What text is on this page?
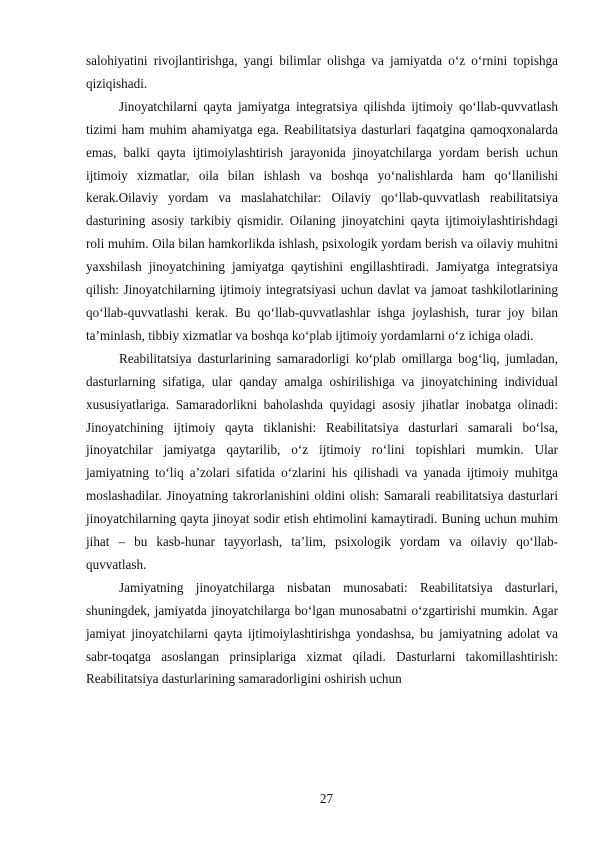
salohiyatini rivojlantirishga, yangi bilimlar olishga va jamiyatda o‘z o‘rnini topishga qiziqishadi.

Jinoyatchilarni qayta jamiyatga integratsiya qilishda ijtimoiy qo‘llab-quvvatlash tizimi ham muhim ahamiyatga ega. Reabilitatsiya dasturlari faqatgina qamoqxonalarda emas, balki qayta ijtimoiylashtirish jarayonida jinoyatchilarga yordam berish uchun ijtimoiy xizmatlar, oila bilan ishlash va boshqa yo‘nalishlarda ham qo‘llanilishi kerak.Oilaviy yordam va maslahatchilar: Oilaviy qo‘llab-quvvatlash reabilitatsiya dasturining asosiy tarkibiy qismidir. Oilaning jinoyatchini qayta ijtimoiylashtirishdagi roli muhim. Oila bilan hamkorlikda ishlash, psixologik yordam berish va oilaviy muhitni yaxshilash jinoyatchining jamiyatga qaytishini engillashtiradi. Jamiyatga integratsiya qilish: Jinoyatchilarning ijtimoiy integratsiyasi uchun davlat va jamoat tashkilotlarining qo‘llab-quvvatlashi kerak. Bu qo‘llab-quvvatlashlar ishga joylashish, turar joy bilan ta’minlash, tibbiy xizmatlar va boshqa ko‘plab ijtimoiy yordamlarni o‘z ichiga oladi.

Reabilitatsiya dasturlarining samaradorligi ko‘plab omillarga bog‘liq, jumladan, dasturlarning sifatiga, ular qanday amalga oshirilishiga va jinoyatchining individual xususiyatlariga. Samaradorlikni baholashda quyidagi asosiy jihatlar inobatga olinadi: Jinoyatchining ijtimoiy qayta tiklanishi: Reabilitatsiya dasturlari samarali bo‘lsa, jinoyatchilar jamiyatga qaytarilib, o‘z ijtimoiy ro‘lini topishlari mumkin. Ular jamiyatning to‘liq a’zolari sifatida o‘zlarini his qilishadi va yanada ijtimoiy muhitga moslashadilar. Jinoyatning takrorlanishini oldini olish: Samarali reabilitatsiya dasturlari jinoyatchilarning qayta jinoyat sodir etish ehtimolini kamaytiradi. Buning uchun muhim jihat – bu kasb-hunar tayyorlash, ta’lim, psixologik yordam va oilaviy qo‘llab-quvvatlash.

Jamiyatning jinoyatchilarga nisbatan munosabati: Reabilitatsiya dasturlari, shuningdek, jamiyatda jinoyatchilarga bo‘lgan munosabatni o‘zgartirishi mumkin. Agar jamiyat jinoyatchilarni qayta ijtimoiylashtirishga yondashsa, bu jamiyatning adolat va sabr-toqatga asoslangan prinsiplariga xizmat qiladi. Dasturlarni takomillashtirish: Reabilitatsiya dasturlarining samaradorligini oshirish uchun

27
